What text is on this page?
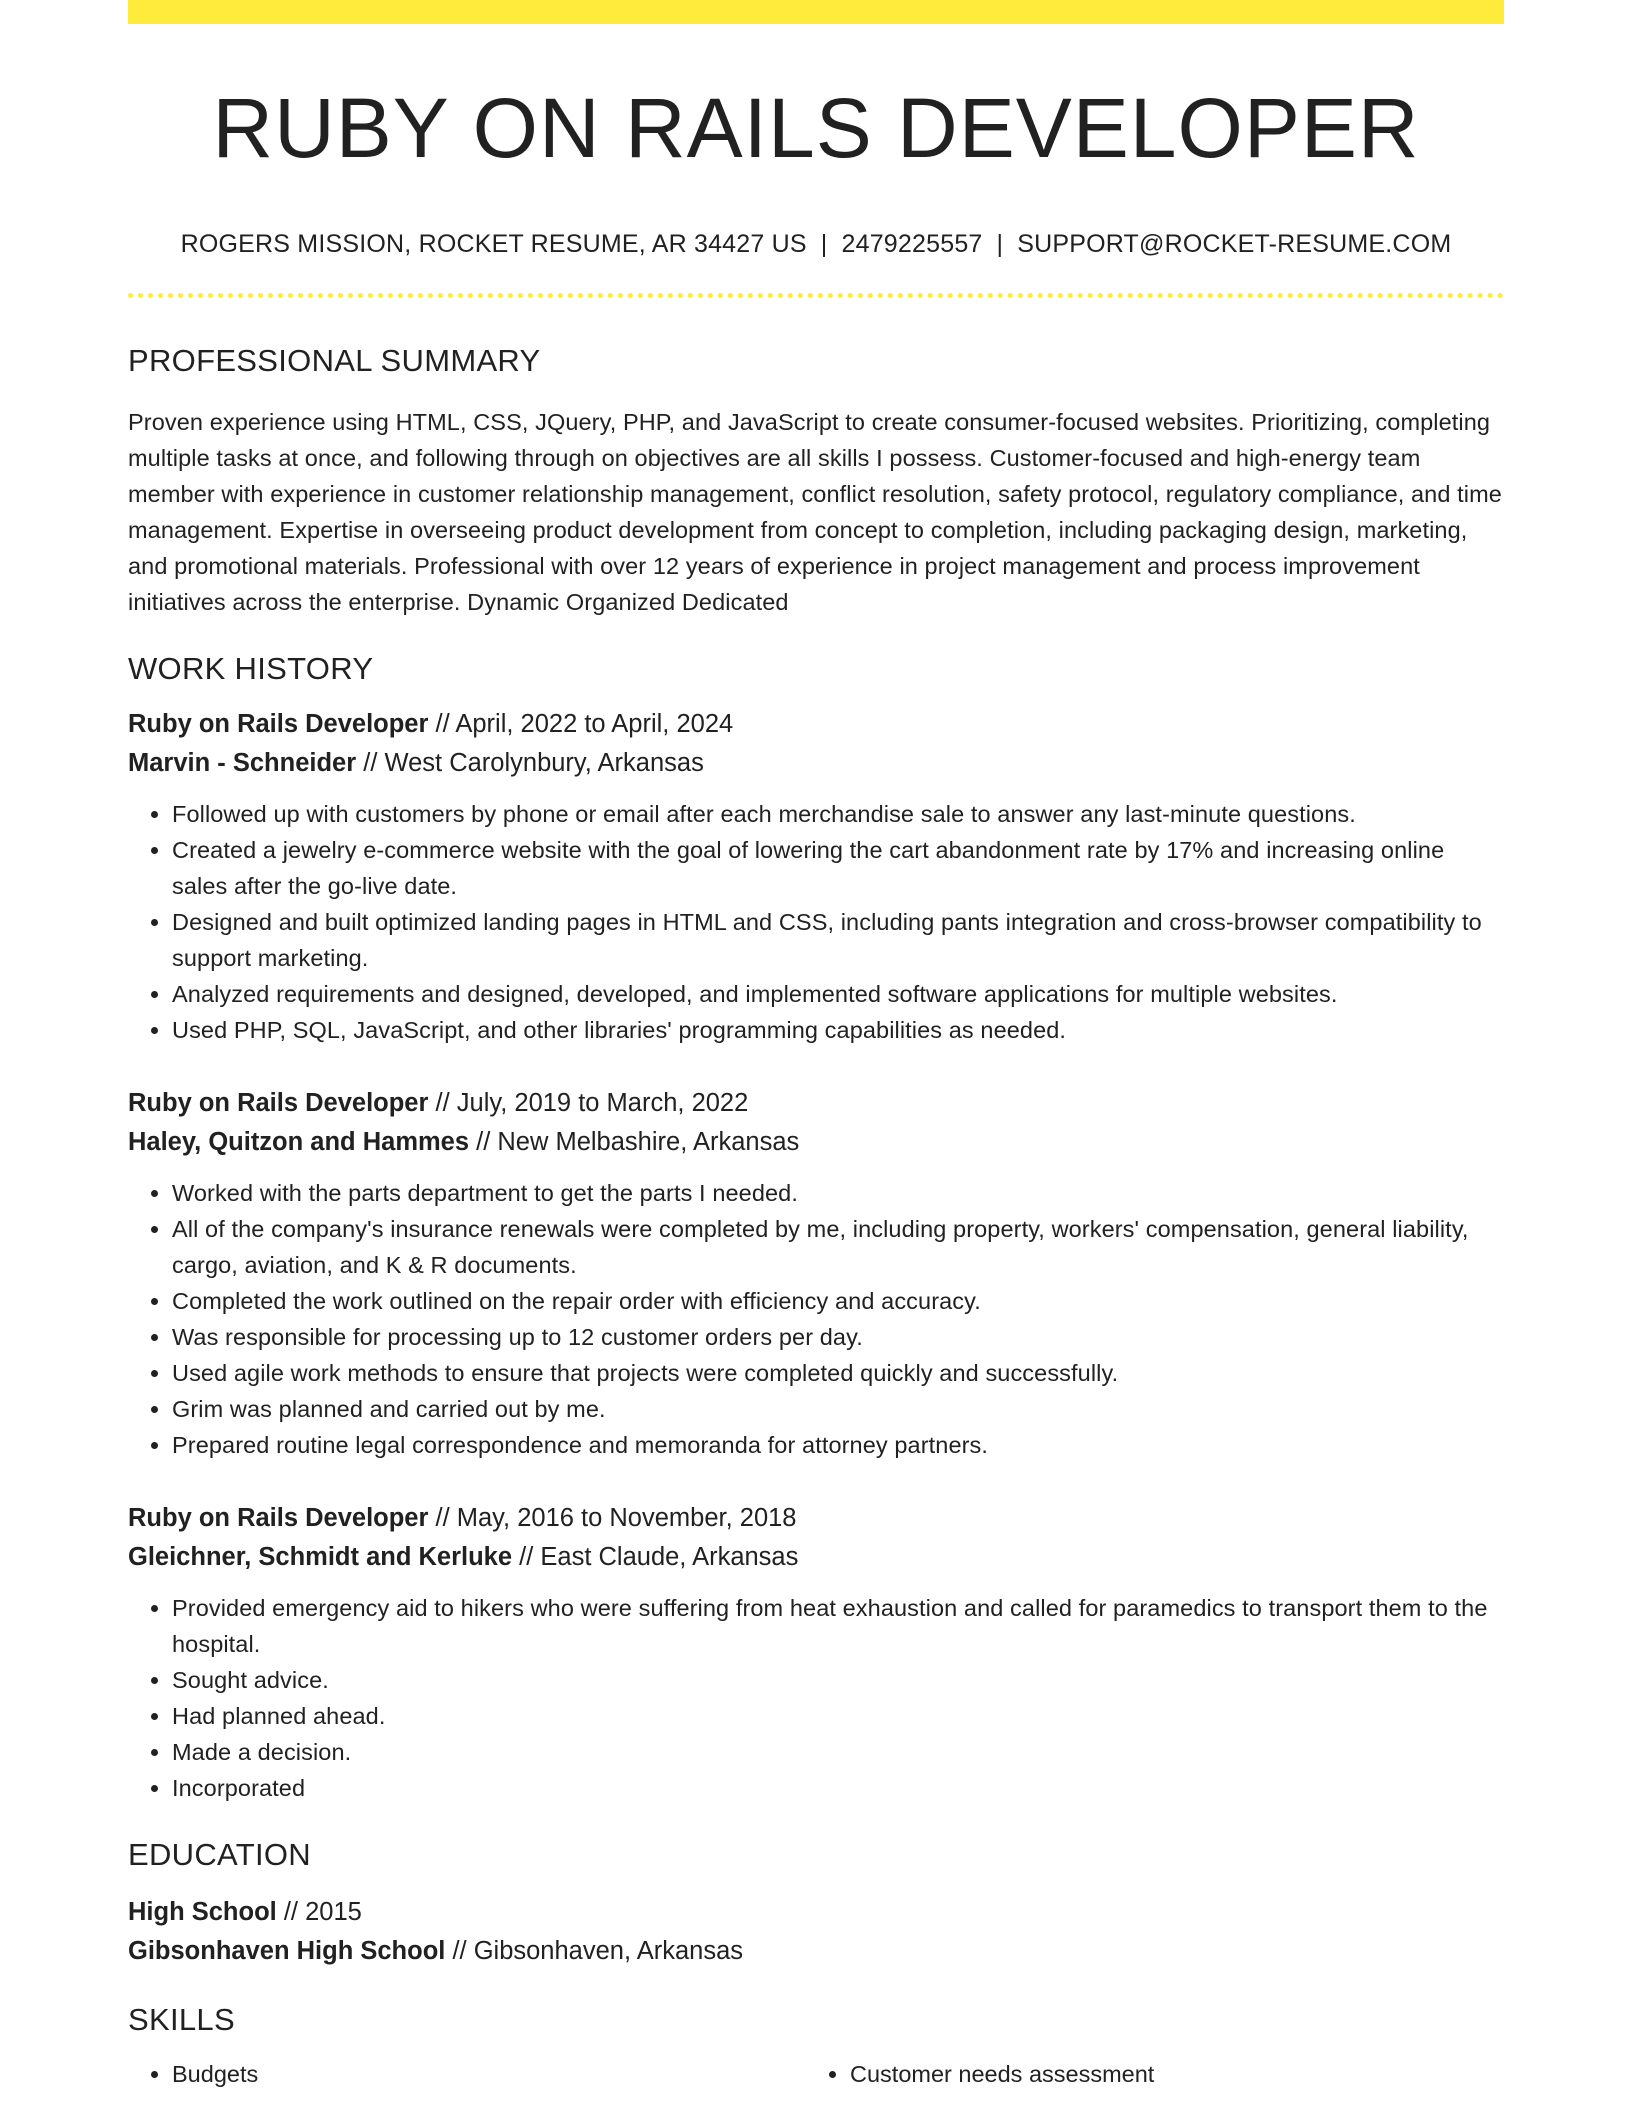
RUBY ON RAILS DEVELOPER
ROGERS MISSION, ROCKET RESUME, AR 34427 US | 2479225557 | SUPPORT@ROCKET-RESUME.COM
PROFESSIONAL SUMMARY
Proven experience using HTML, CSS, JQuery, PHP, and JavaScript to create consumer-focused websites. Prioritizing, completing multiple tasks at once, and following through on objectives are all skills I possess. Customer-focused and high-energy team member with experience in customer relationship management, conflict resolution, safety protocol, regulatory compliance, and time management. Expertise in overseeing product development from concept to completion, including packaging design, marketing, and promotional materials. Professional with over 12 years of experience in project management and process improvement initiatives across the enterprise. Dynamic Organized Dedicated
WORK HISTORY
Ruby on Rails Developer // April, 2022 to April, 2024
Marvin - Schneider // West Carolynbury, Arkansas
• Followed up with customers by phone or email after each merchandise sale to answer any last-minute questions.
• Created a jewelry e-commerce website with the goal of lowering the cart abandonment rate by 17% and increasing online sales after the go-live date.
• Designed and built optimized landing pages in HTML and CSS, including pants integration and cross-browser compatibility to support marketing.
• Analyzed requirements and designed, developed, and implemented software applications for multiple websites.
• Used PHP, SQL, JavaScript, and other libraries' programming capabilities as needed.
Ruby on Rails Developer // July, 2019 to March, 2022
Haley, Quitzon and Hammes // New Melbashire, Arkansas
• Worked with the parts department to get the parts I needed.
• All of the company's insurance renewals were completed by me, including property, workers' compensation, general liability, cargo, aviation, and K & R documents.
• Completed the work outlined on the repair order with efficiency and accuracy.
• Was responsible for processing up to 12 customer orders per day.
• Used agile work methods to ensure that projects were completed quickly and successfully.
• Grim was planned and carried out by me.
• Prepared routine legal correspondence and memoranda for attorney partners.
Ruby on Rails Developer // May, 2016 to November, 2018
Gleichner, Schmidt and Kerluke // East Claude, Arkansas
• Provided emergency aid to hikers who were suffering from heat exhaustion and called for paramedics to transport them to the hospital.
• Sought advice.
• Had planned ahead.
• Made a decision.
• Incorporated
EDUCATION
High School // 2015
Gibsonhaven High School // Gibsonhaven, Arkansas
SKILLS
• Budgets
•	Customer needs assessment
